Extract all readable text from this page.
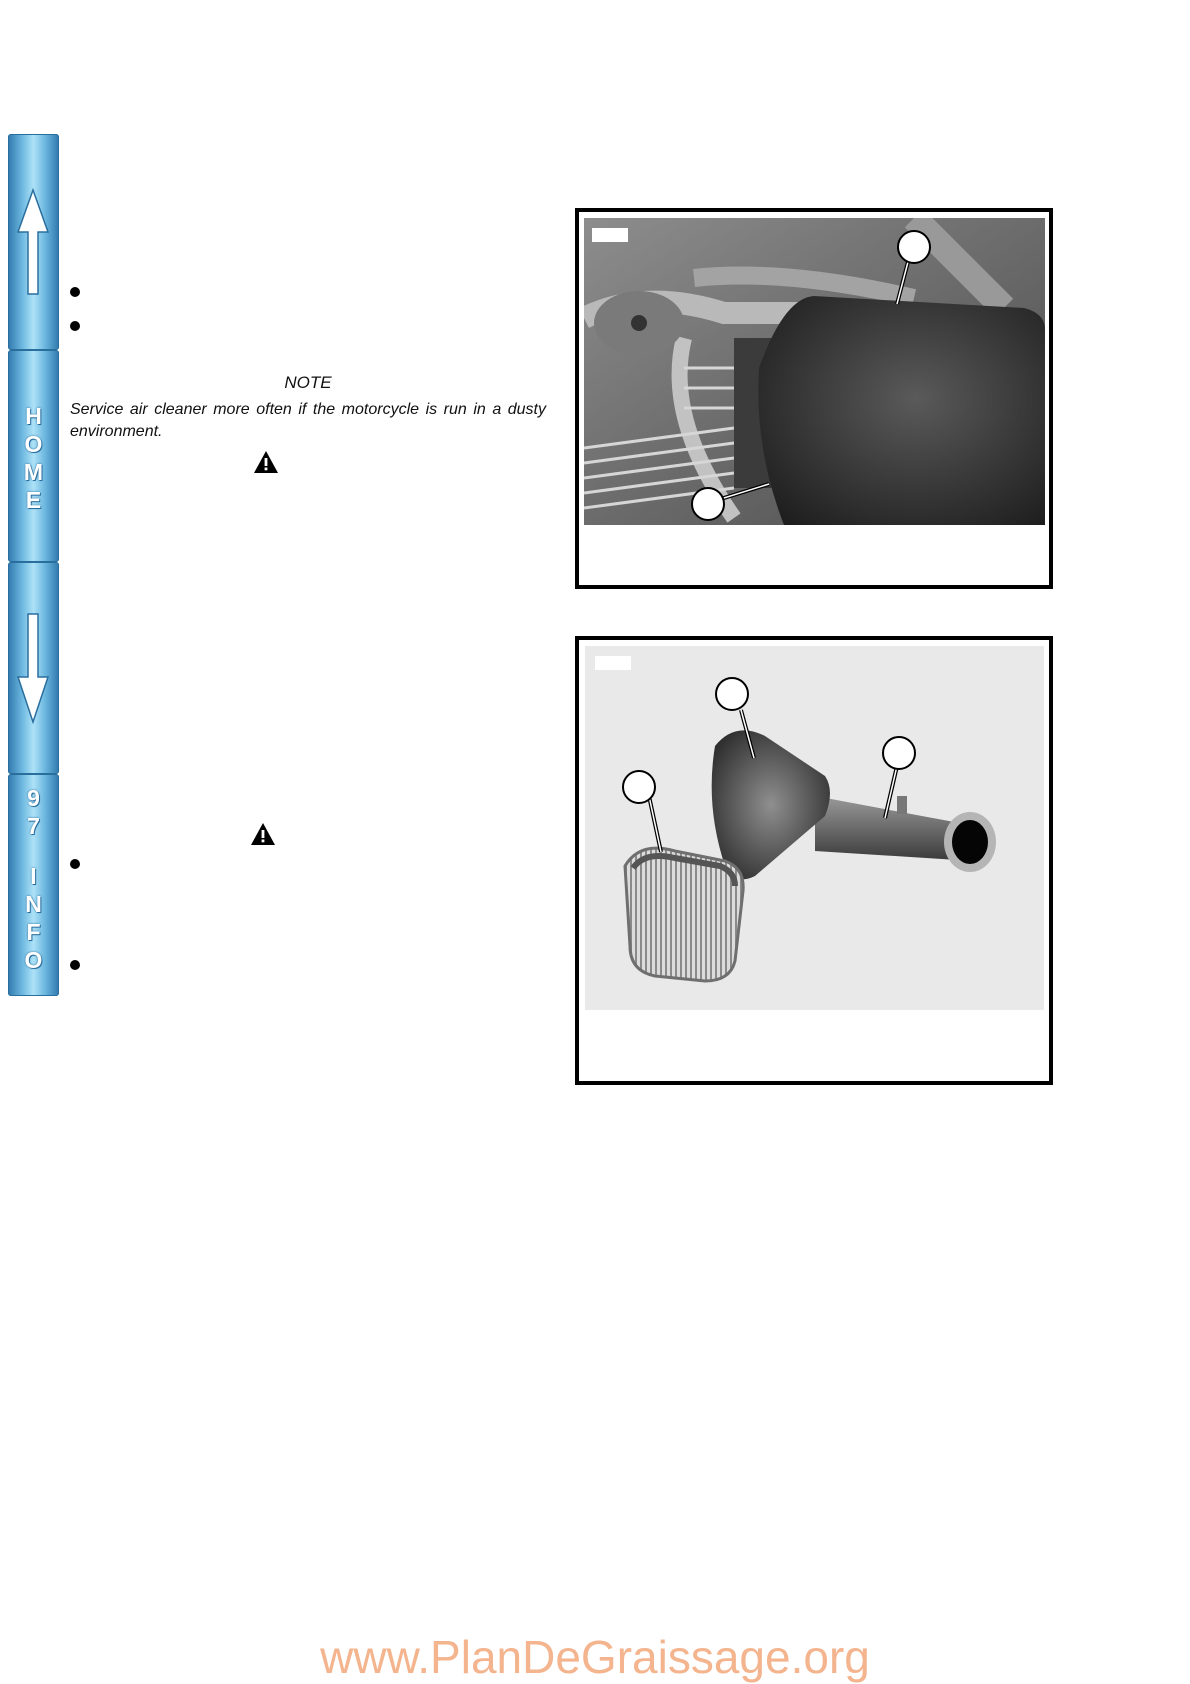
H
O
M
E
9
7
I
N
F
O
NOTE
Service air cleaner more often if the motorcycle is run in a dusty environment.
www.PlanDeGraissage.org
